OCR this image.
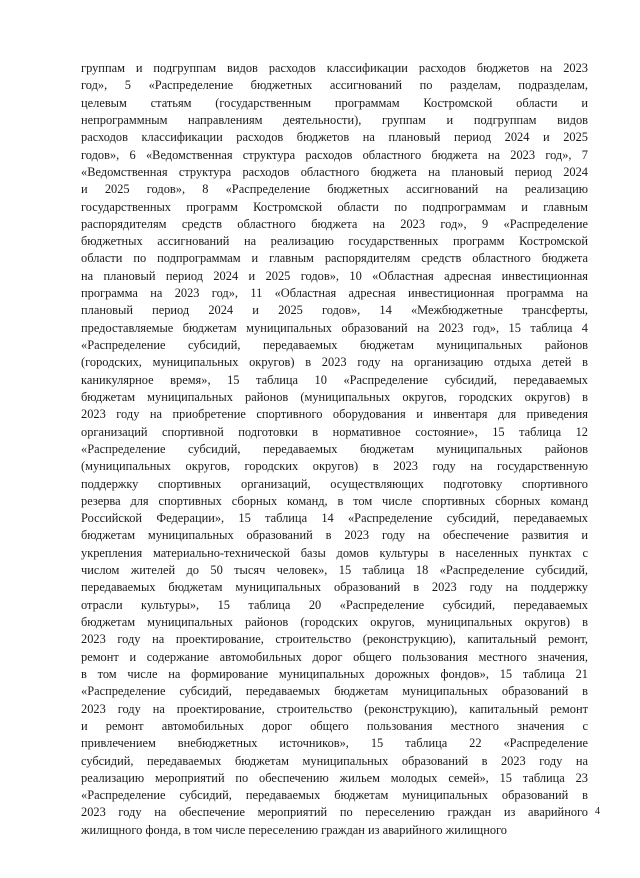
группам и подгруппам видов расходов классификации расходов бюджетов на 2023
год», 5 «Распределение бюджетных ассигнований по разделам, подразделам,
целевым статьям (государственным программам Костромской области и
непрограммным направлениям деятельности), группам и подгруппам видов
расходов классификации расходов бюджетов на плановый период 2024 и 2025
годов», 6 «Ведомственная структура расходов областного бюджета на 2023 год», 7
«Ведомственная структура расходов областного бюджета на плановый период 2024
и 2025 годов», 8 «Распределение бюджетных ассигнований на реализацию
государственных программ Костромской области по подпрограммам и главным
распорядителям средств областного бюджета на 2023 год», 9 «Распределение
бюджетных ассигнований на реализацию государственных программ Костромской
области по подпрограммам и главным распорядителям средств областного бюджета
на плановый период 2024 и 2025 годов», 10 «Областная адресная инвестиционная
программа на 2023 год», 11 «Областная адресная инвестиционная программа на
плановый период 2024 и 2025 годов», 14 «Межбюджетные трансферты,
предоставляемые бюджетам муниципальных образований на 2023 год», 15 таблица 4
«Распределение субсидий, передаваемых бюджетам муниципальных районов
(городских, муниципальных округов) в 2023 году на организацию отдыха детей в
каникулярное время», 15 таблица 10 «Распределение субсидий, передаваемых
бюджетам муниципальных районов (муниципальных округов, городских округов) в
2023 году на приобретение спортивного оборудования и инвентаря для приведения
организаций спортивной подготовки в нормативное состояние», 15 таблица 12
«Распределение субсидий, передаваемых бюджетам муниципальных районов
(муниципальных округов, городских округов) в 2023 году на государственную
поддержку спортивных организаций, осуществляющих подготовку спортивного
резерва для спортивных сборных команд, в том числе спортивных сборных команд
Российской Федерации», 15 таблица 14 «Распределение субсидий, передаваемых
бюджетам муниципальных образований в 2023 году на обеспечение развития и
укрепления материально-технической базы домов культуры в населенных пунктах с
числом жителей до 50 тысяч человек», 15 таблица 18 «Распределение субсидий,
передаваемых бюджетам муниципальных образований в 2023 году на поддержку
отрасли культуры», 15 таблица 20 «Распределение субсидий, передаваемых
бюджетам муниципальных районов (городских округов, муниципальных округов) в
2023 году на проектирование, строительство (реконструкцию), капитальный ремонт,
ремонт и содержание автомобильных дорог общего пользования местного значения,
в том числе на формирование муниципальных дорожных фондов», 15 таблица 21
«Распределение субсидий, передаваемых бюджетам муниципальных образований в
2023 году на проектирование, строительство (реконструкцию), капитальный ремонт
и ремонт автомобильных дорог общего пользования местного значения с
привлечением внебюджетных источников», 15 таблица 22 «Распределение
субсидий, передаваемых бюджетам муниципальных образований в 2023 году на
реализацию мероприятий по обеспечению жильем молодых семей», 15 таблица 23
«Распределение субсидий, передаваемых бюджетам муниципальных образований в
2023 году на обеспечение мероприятий по переселению граждан из аварийного
жилищного фонда, в том числе переселению граждан из аварийного жилищного
4
